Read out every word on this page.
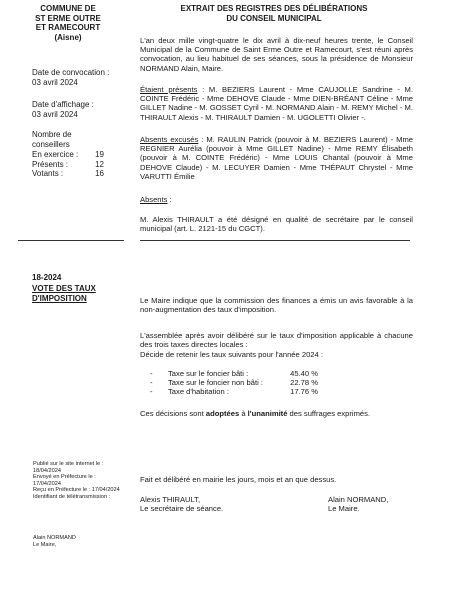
COMMUNE DE
ST ERME OUTRE
ET RAMECOURT
(Aisne)
Date de convocation :
03 avril 2024
Date d'affichage :
03 avril 2024
Nombre de conseillers
En exercice :	19
Présents :	12
Votants :	16
18-2024
VOTE DES TAUX D'IMPOSITION
Publié sur le site internet le : 18/04/2024
Envoyé en Préfecture le : 17/04/2024
Reçu en Préfecture le : 17/04/2024
Identifiant de télétransmission :
Alain NORMAND
Le Maire,
EXTRAIT DES REGISTRES DES DÉLIBÉRATIONS
DU CONSEIL MUNICIPAL
L'an deux mille vingt-quatre le dix avril à dix-neuf heures trente, le Conseil Municipal de la Commune de Saint Erme Outre et Ramecourt, s'est réuni après convocation, au lieu habituel de ses séances, sous la présidence de Monsieur NORMAND Alain, Maire.
Étaient présents : M. BEZIERS Laurent - Mme CAUJOLLE Sandrine - M. COINTE Frédéric - Mme DEHOVE Claude - Mme DIEN-BRÉANT Céline - Mme GILLET Nadine - M. GOSSET Cyril - M. NORMAND Alain - M. REMY Michel - M. THIRAULT Alexis - M. THIRAULT Damien - M. UGOLETTI Olivier -.
Absents excusés : M. RAULIN Patrick (pouvoir à M. BEZIERS Laurent) - Mme REGNIER Aurélia (pouvoir à Mme GILLET Nadine) - Mme REMY Élisabeth (pouvoir à M. COINTE Frédéric) - Mme LOUIS Chantal (pouvoir à Mme DEHOVE Claude) - M. LECUYER Damien - Mme THÉPAUT Chrystel - Mme VARUTTI Émilie
Absents :
M. Alexis THIRAULT a été désigné en qualité de secrétaire par le conseil municipal (art. L. 2121-15 du CGCT).
Le Maire indique que la commission des finances a émis un avis favorable à la non-augmentation des taux d'imposition.
L'assemblée après avoir délibéré sur le taux d'imposition applicable à chacune des trois taxes directes locales :
Décide de retenir les taux suivants pour l'année 2024 :
-	Taxe sur le foncier bâti :	45.40 %
-	Taxe sur le foncier non bâti :	22.78 %
-	Taxe d'habitation :	17.76 %
Ces décisions sont adoptées à l'unanimité des suffrages exprimés.
Fait et délibéré en mairie les jours, mois et an que dessus.
Alexis THIRAULT,
Le secrétaire de séance.
Alain NORMAND,
Le Maire.
